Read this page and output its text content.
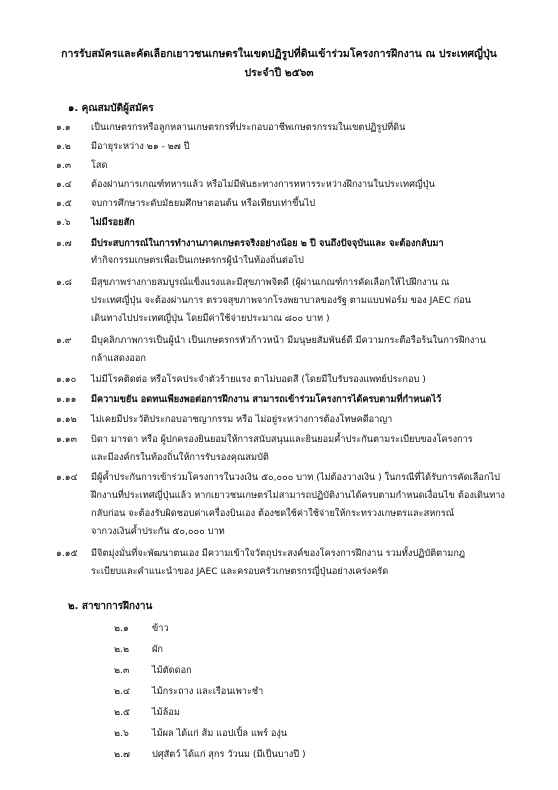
การรับสมัครและคัดเลือกเยาวชนเกษตรในเขตปฏิรูปที่ดินเข้าร่วมโครงการฝึกงาน ณ ประเทศญี่ปุ่น
ประจำปี ๒๕๖๓
๑. คุณสมบัติผู้สมัคร
๑.๑	เป็นเกษตรกรหรือลูกหลานเกษตรกรที่ประกอบอาชีพเกษตรกรรมในเขตปฏิรูปที่ดิน
๑.๒	มีอายุระหว่าง ๒๑ - ๒๗ ปี
๑.๓	โสด
๑.๔	ต้องผ่านการเกณฑ์ทหารแล้ว หรือไม่มีพันธะทางการทหารระหว่างฝึกงานในประเทศญี่ปุ่น
๑.๕	จบการศึกษาระดับมัธยมศึกษาตอนต้น หรือเทียบเท่าขึ้นไป
๑.๖	ไม่มีรอยสัก
๑.๗	มีประสบการณ์ในการทำงานภาคเกษตรจริงอย่างน้อย ๒ ปี จนถึงปัจจุบันและ จะต้องกลับมา
ทำกิจกรรมเกษตรเพื่อเป็นเกษตรกรผู้นำในท้องถิ่นต่อไป
๑.๘	มีสุขภาพร่างกายสมบูรณ์แข็งแรงและมีสุขภาพจิตดี (ผู้ผ่านเกณฑ์การคัดเลือกให้ไปฝึกงาน ณ
ประเทศญี่ปุ่น จะต้องผ่านการ ตรวจสุขภาพจากโรงพยาบาลของรัฐ ตามแบบฟอร์ม ของ JAEC ก่อน
เดินทางไปประเทศญี่ปุ่น โดยมีค่าใช้จ่ายประมาณ ๘๐๐ บาท )
๑.๙	มีบุคลิกภาพการเป็นผู้นำ เป็นเกษตรกรหัวก้าวหน้า มีมนุษยสัมพันธ์ดี มีความกระตือรือร้นในการฝึกงาน
กล้าแสดงออก
๑.๑๐	ไม่มีโรคติดต่อ หรือโรคประจำตัวร้ายแรง ตาไม่บอดสี (โดยมีใบรับรองแพทย์ประกอบ )
๑.๑๑	มีความขยัน อดทนเพียงพอต่อการฝึกงาน สามารถเข้าร่วมโครงการได้ครบตามที่กำหนดไว้
๑.๑๒	ไม่เคยมีประวัติประกอบอาชญากรรม หรือ ไม่อยู่ระหว่างการต้องโทษคดีอาญา
๑.๑๓	บิดา มารดา หรือ ผู้ปกครองยินยอมให้การสนับสนุนและยินยอมค้ำประกันตามระเบียบของโครงการ
และมีองค์กรในท้องถิ่นให้การรับรองคุณสมบัติ
๑.๑๔	มีผู้ค้ำประกันการเข้าร่วมโครงการในวงเงิน ๕๐,๐๐๐ บาท (ไม่ต้องวางเงิน ) ในกรณีที่ได้รับการคัดเลือกไป
ฝึกงานที่ประเทศญี่ปุ่นแล้ว หากเยาวชนเกษตรไม่สามารถปฏิบัติงานได้ครบตามกำหนดเงื่อนไข ต้องเดินทาง
กลับก่อน จะต้องรับผิดชอบค่าเครื่องบินเอง ต้องชดใช้ค่าใช้จ่ายให้กระทรวงเกษตรและสหกรณ์
จากวงเงินค้ำประกัน ๕๐,๐๐๐ บาท
๑.๑๕	มีจิตมุ่งมั่นที่จะพัฒนาตนเอง มีความเข้าใจวัตถุประสงค์ของโครงการฝึกงาน รวมทั้งปฏิบัติตามกฎ
ระเบียบและคำแนะนำของ JAEC และครอบครัวเกษตรกรญี่ปุ่นอย่างเคร่งครัด
๒. สาขาการฝึกงาน
๒.๑	ข้าว
๒.๒ ผัก
๒.๓ ไม้ตัดดอก
๒.๔ ไม้กระถาง และเรือนเพาะชำ
๒.๕ ไม้ล้อม
๒.๖	ไม้ผล ได้แก่ ส้ม แอปเปิ้ล แพร์ องุ่น
๒.๗ ปศุสัตว์ ได้แก่ สุกร วัวนม (มีเป็นบางปี )
